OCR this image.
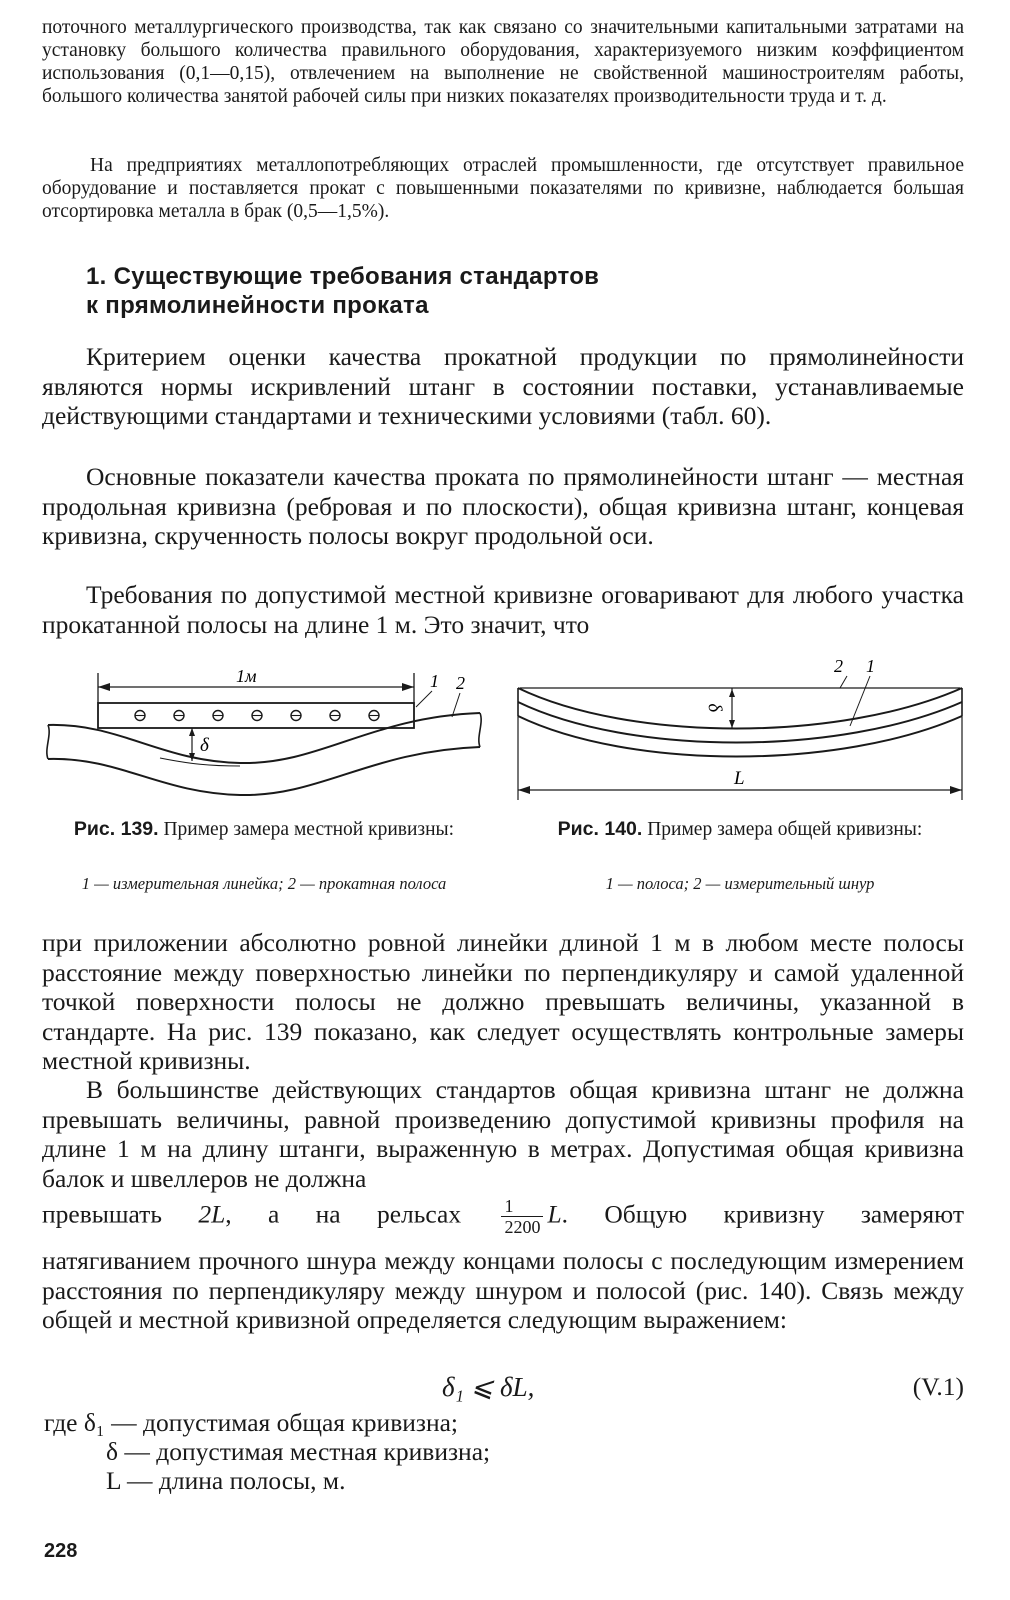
поточного металлургического производства, так как связано со значительными капитальными затратами на установку большого количества правильного оборудования, характеризуемого низким коэффициентом использования (0,1—0,15), отвлечением на выполнение не свойственной машиностроителям работы, большого количества занятой рабочей силы при низких показателях производительности труда и т. д.

На предприятиях металлопотребляющих отраслей промышленности, где отсутствует правильное оборудование и поставляется прокат с повышенными показателями по кривизне, наблюдается большая отсортировка металла в брак (0,5—1,5%).

1. Существующие требования стандартов
к прямолинейности проката

Критерием оценки качества прокатной продукции по прямолинейности являются нормы искривлений штанг в состоянии поставки, устанавливаемые действующими стандартами и техническими условиями (табл. 60).

Основные показатели качества проката по прямолинейности штанг — местная продольная кривизна (ребровая и по плоскости), общая кривизна штанг, концевая кривизна, скрученность полосы вокруг продольной оси.

Требования по допустимой местной кривизне оговаривают для любого участка прокатанной полосы на длине 1 м. Это значит, что

1м
δ
1 2
2 1
δ
L

Рис. 139. Пример замера местной кривизны:

1 — измерительная линейка; 2 — прокатная полоса

Рис. 140. Пример замера общей кривизны:

1 — полоса; 2 — измерительный шнур

при приложении абсолютно ровной линейки длиной 1 м в любом месте полосы расстояние между поверхностью линейки по перпендикуляру и самой удаленной точкой поверхности полосы не должно превышать величины, указанной в стандарте. На рис. 139 показано, как следует осуществлять контрольные замеры местной кривизны.

В большинстве действующих стандартов общая кривизна штанг не должна превышать величины, равной произведению допустимой кривизны профиля на длине 1 м на длину штанги, выраженную в метрах. Допустимая общая кривизна балок и швеллеров не должна

превышать 2L, а на рельсах $\frac{1}{2200} L$. Общую кривизну замеряют

натягиванием прочного шнура между концами полосы с последующим измерением расстояния по перпендикуляру между шнуром и полосой (рис. 140). Связь между общей и местной кривизной определяется следующим выражением:

δ₁ ⩽ δL,	(V.1)

где δ₁ — допустимая общая кривизна;

δ — допустимая местная кривизна;

L — длина полосы, м.

228
